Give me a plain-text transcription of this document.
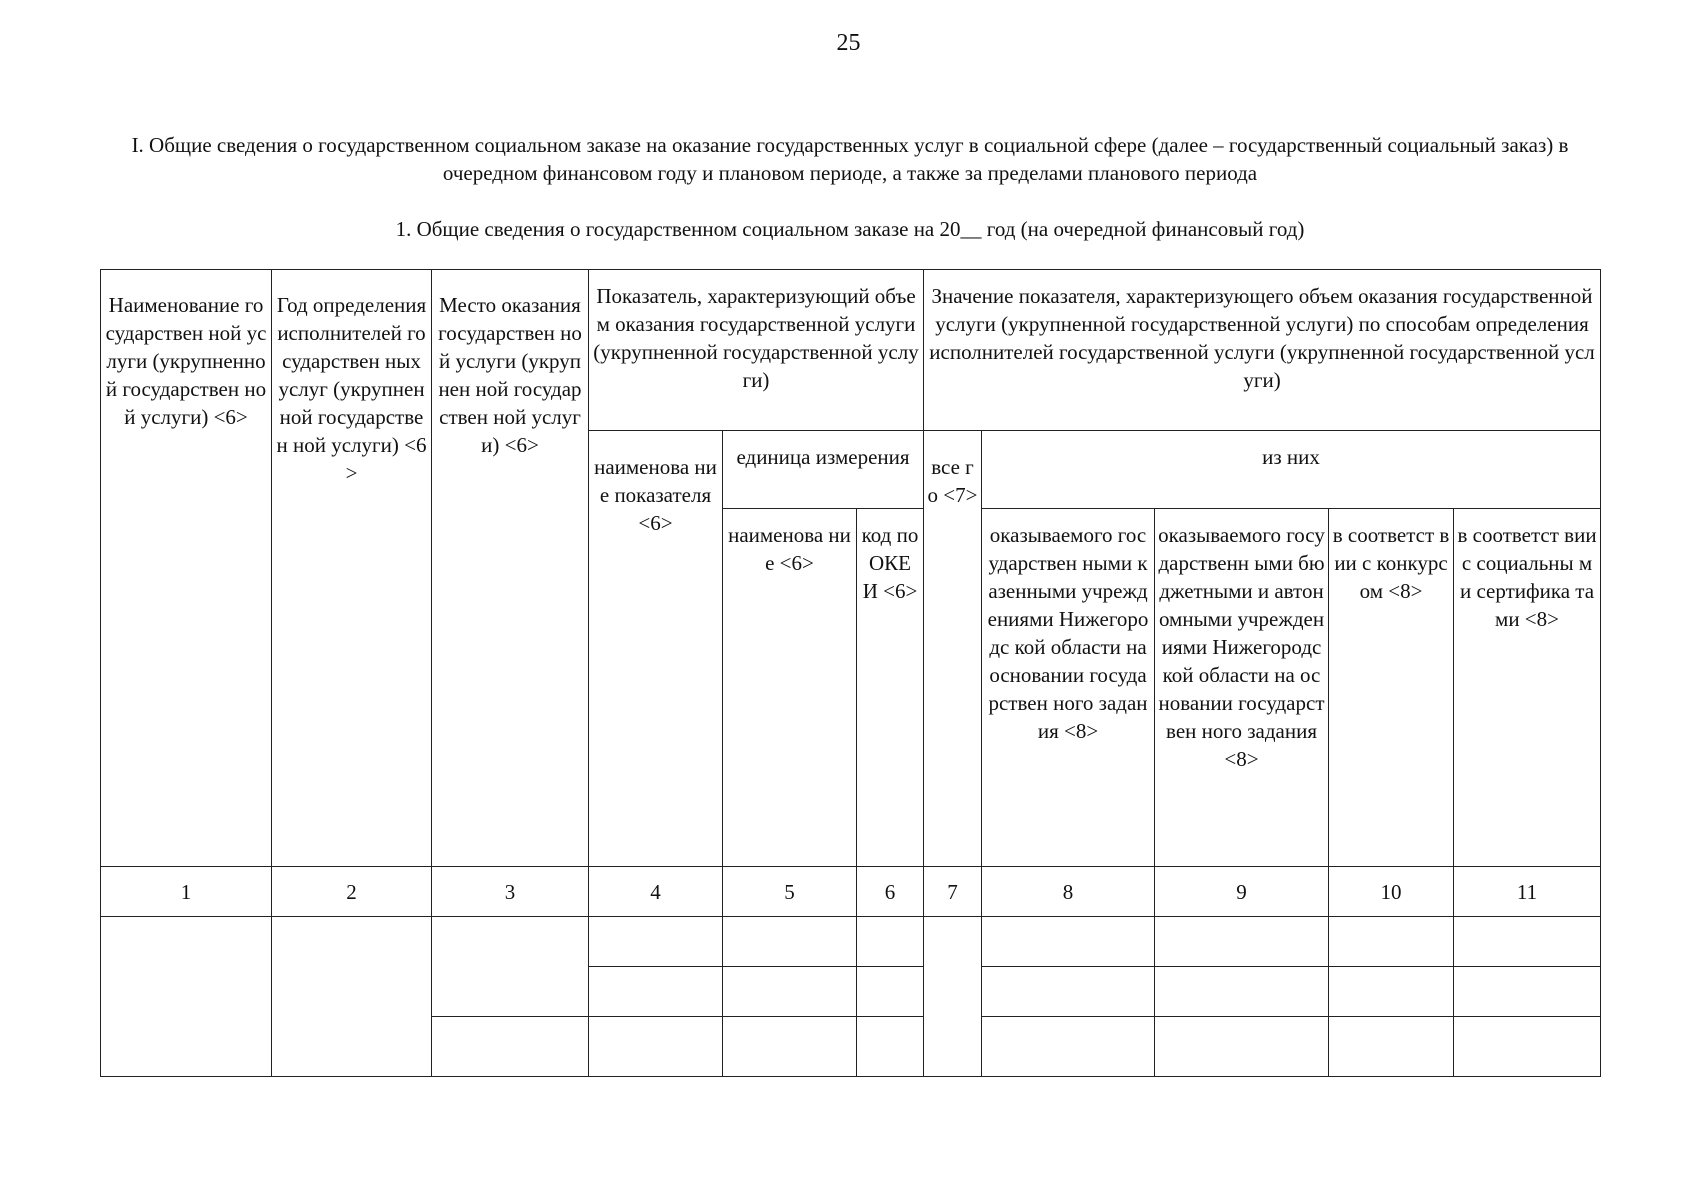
25
I. Общие сведения о государственном социальном заказе на оказание государственных услуг в социальной сфере (далее – государственный социальный заказ) в очередном финансовом году и плановом периоде, а также за пределами планового периода
1. Общие сведения о государственном социальном заказе на 20__ год (на очередной финансовый год)
Наименование государствен ной услуги (укрупненной государствен ной услуги) <6>	Год определения исполнителей государствен ных услуг (укрупненной государствен ной услуги) <6>	Место оказания государствен ной услуги (укрупнен ной государствен ной услуги) <6>	Показатель, характеризующий объем оказания государственной услуги (укрупненной государственной услуги)			Значение показателя, характеризующего объем оказания государственной услуги (укрупненной государственной услуги) по способам определения исполнителей государственной услуги (укрупненной государственной услуги)				
			наименова ние показателя <6>	единица измерения		все го <7>	из них			
				наименова ние <6>	код по ОКЕ И <6>		оказываемого государствен ными казенными учреждениями Нижегородс кой области на основании государствен ного задания <8>	оказываемого государственн ыми бюджетными и автономными учреждениями Нижегородс кой области на основании государствен ного задания <8>	в соответст вии с конкурсом <8>	в соответст вии с социальны ми сертифика тами <8>
1	2	3	4	5	6	7	8	9	10	11
